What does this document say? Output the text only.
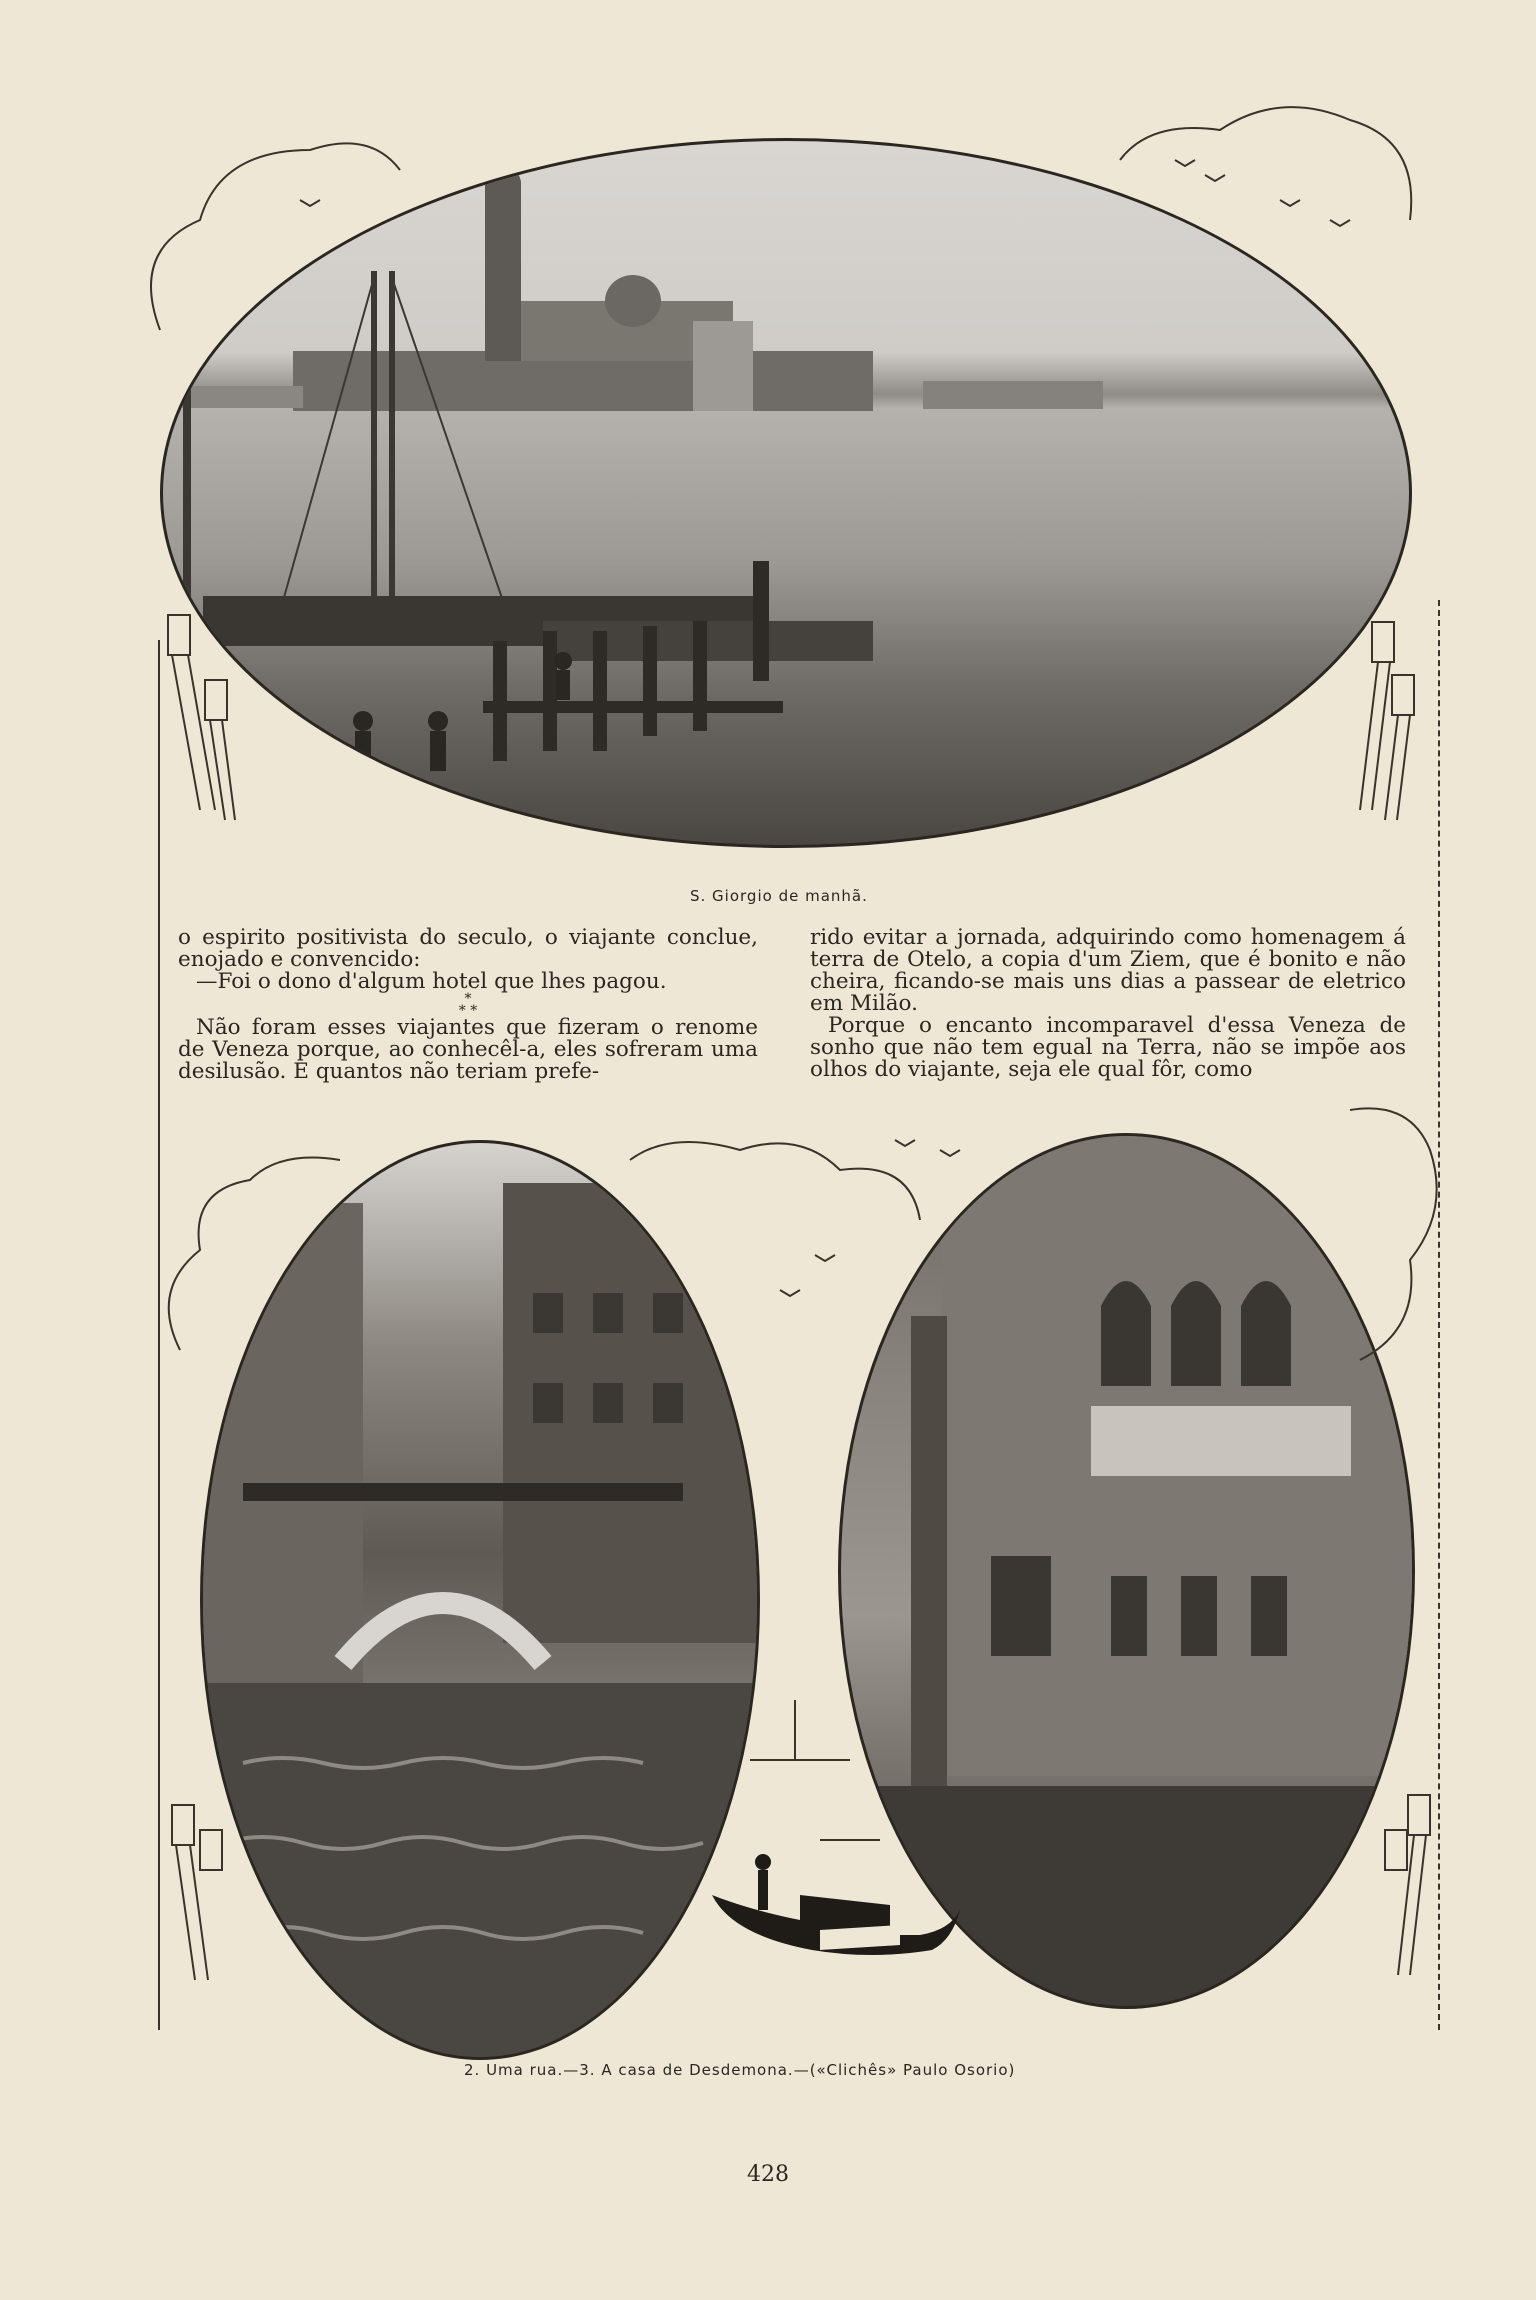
S. Giorgio de manhã.

o espirito positivista do seculo, o viajante conclue, enojado e convencido:

—Foi o dono d'algum hotel que lhes pagou.

*

* *

Não foram esses viajantes que fizeram o renome de Veneza porque, ao conhecêl-a, eles sofreram uma desilusão. E quantos não teriam prefe-

rido evitar a jornada, adquirindo como homenagem á terra de Otelo, a copia d'um Ziem, que é bonito e não cheira, ficando-se mais uns dias a passear de eletrico em Milão.

Porque o encanto incomparavel d'essa Veneza de sonho que não tem egual na Terra, não se impõe aos olhos do viajante, seja ele qual fôr, como

2. Uma rua.—3. A casa de Desdemona.—(«Clichês» Paulo Osorio)
428
